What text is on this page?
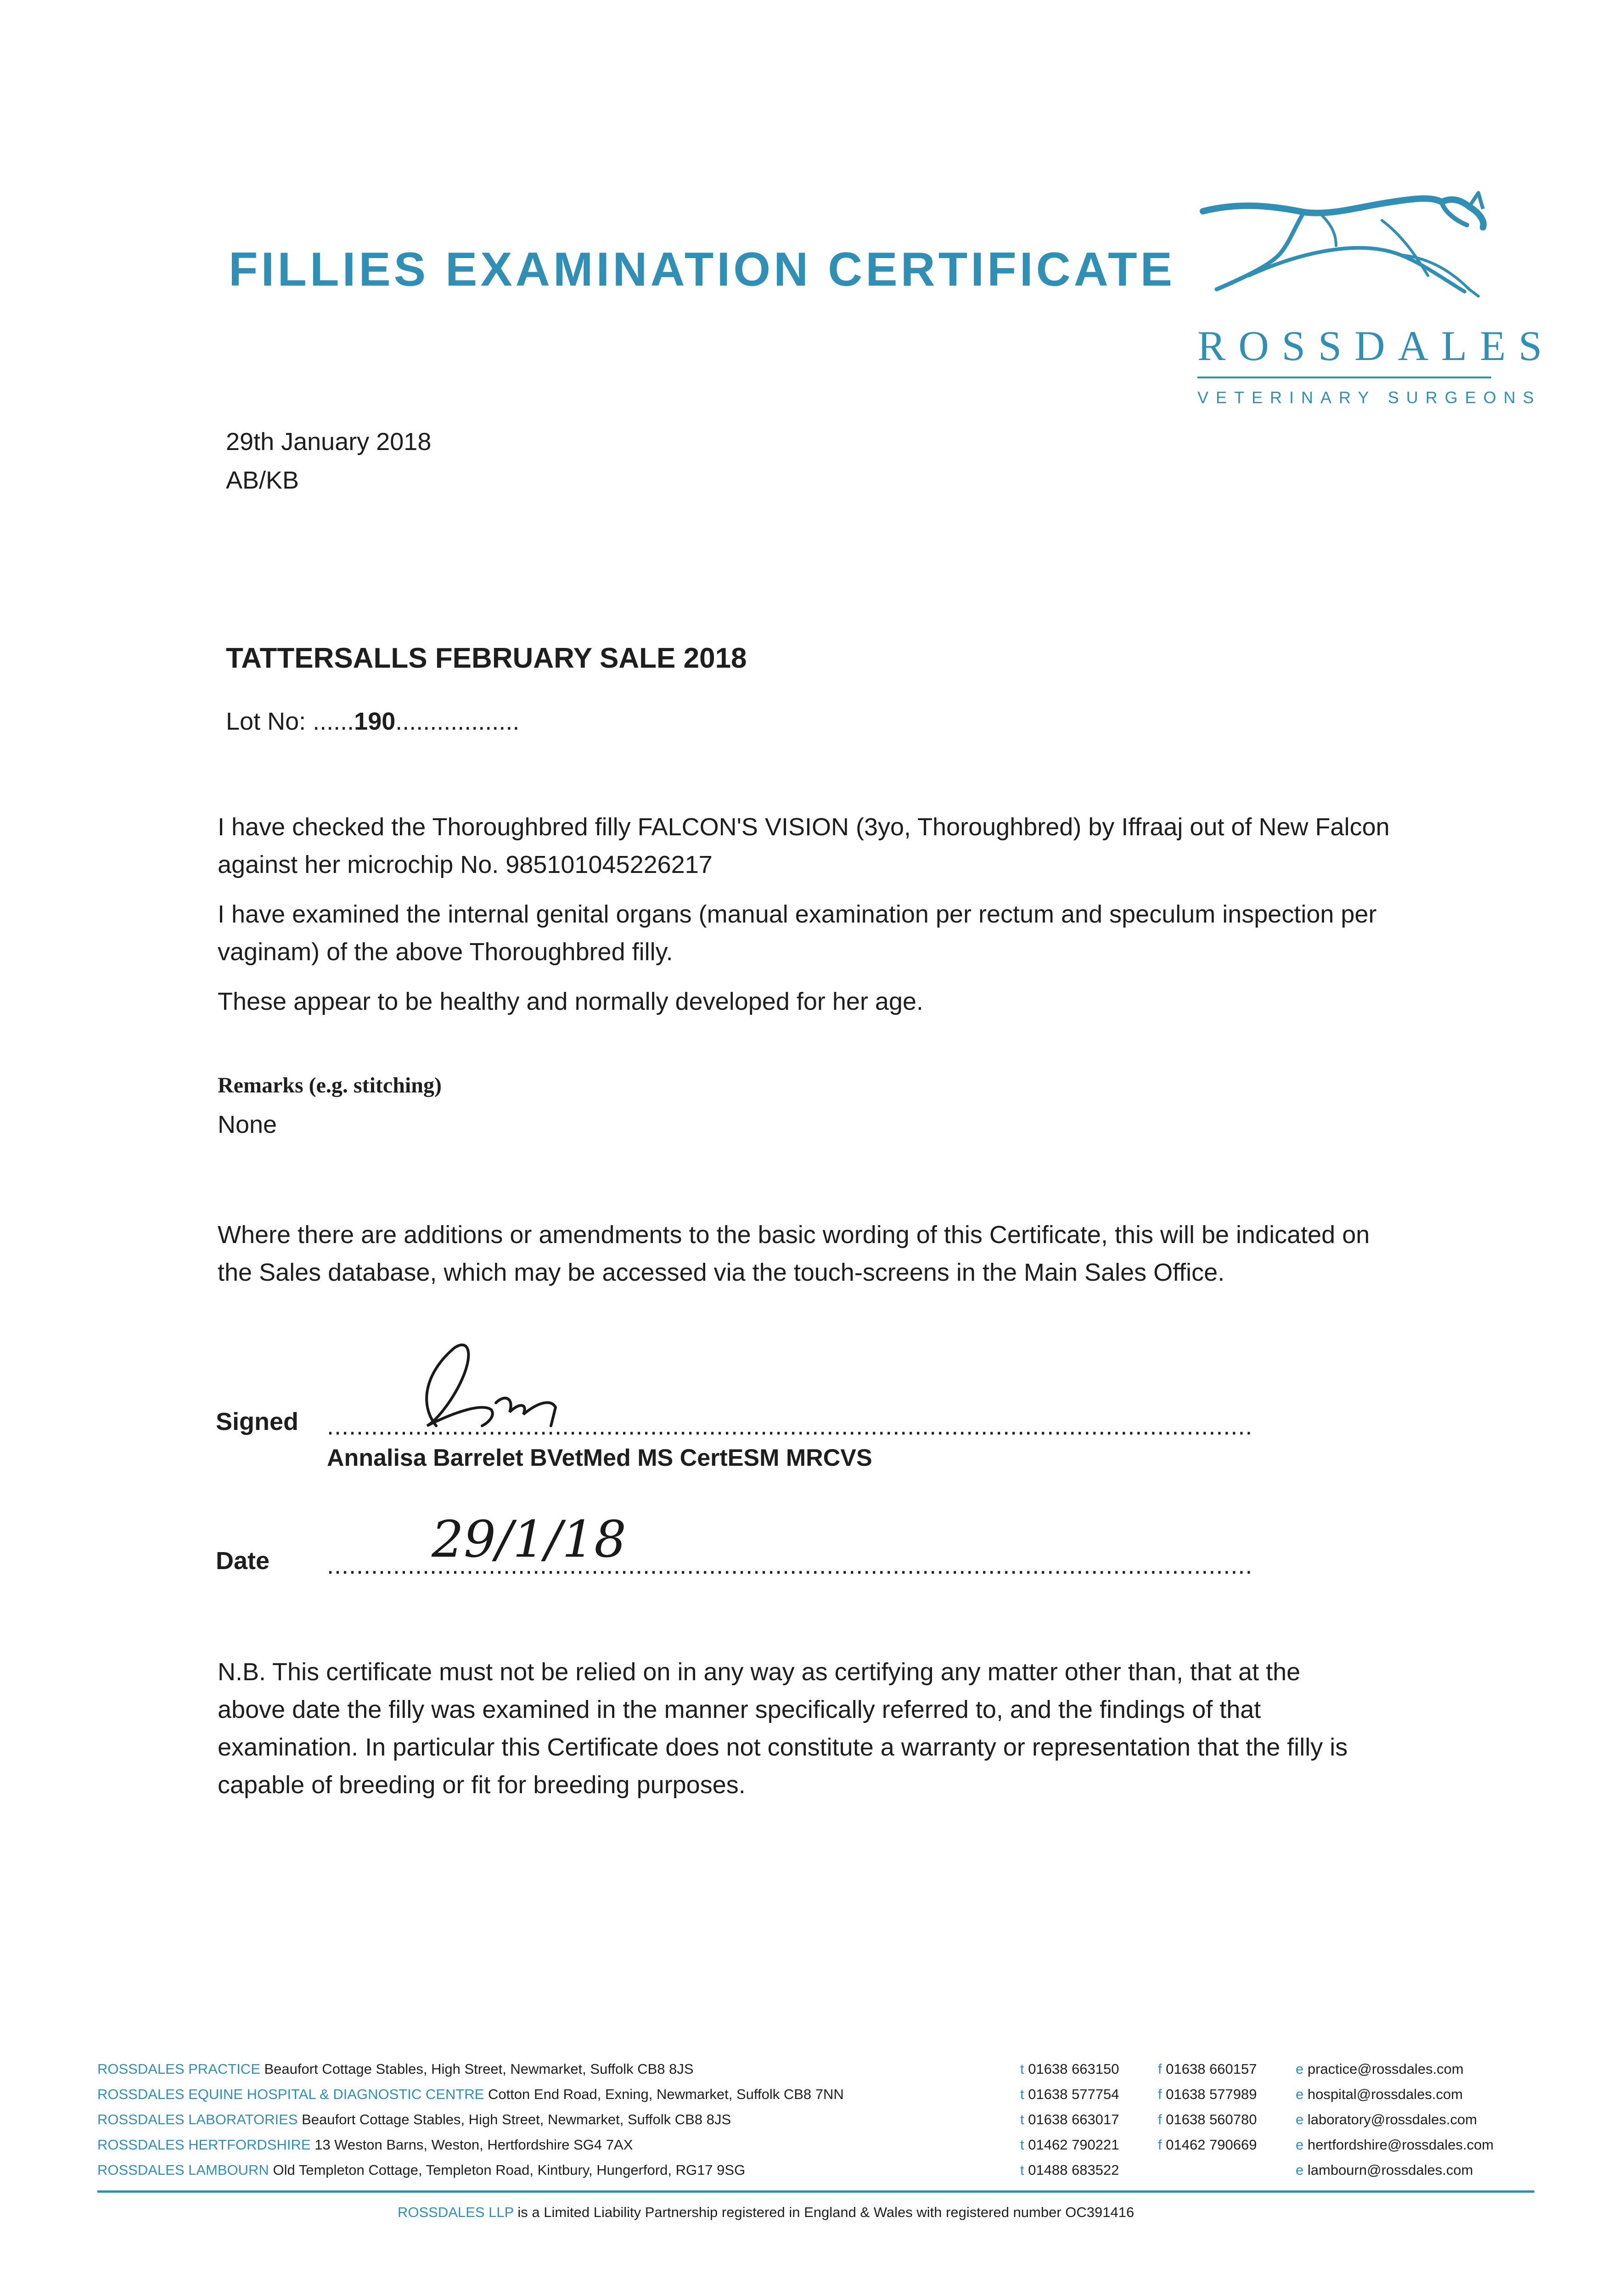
FILLIES EXAMINATION CERTIFICATE
ROSSDALES
VETERINARY SURGEONS
29th January 2018
AB/KB
TATTERSALLS FEBRUARY SALE 2018
Lot No: ......190..................
I have checked the Thoroughbred filly FALCON'S VISION (3yo, Thoroughbred) by Iffraaj out of New Falcon against her microchip No. 985101045226217
I have examined the internal genital organs (manual examination per rectum and speculum inspection per vaginam) of the above Thoroughbred filly.
These appear to be healthy and normally developed for her age.
Remarks (e.g. stitching)
None
Where there are additions or amendments to the basic wording of this Certificate, this will be indicated on the Sales database, which may be accessed via the touch-screens in the Main Sales Office.
Signed ..............................................................................................................................
Annalisa Barrelet BVetMed MS CertESM MRCVS
Date ..............................................................................................................................
29/1/18
N.B. This certificate must not be relied on in any way as certifying any matter other than, that at the above date the filly was examined in the manner specifically referred to, and the findings of that examination. In particular this Certificate does not constitute a warranty or representation that the filly is capable of breeding or fit for breeding purposes.
ROSSDALES PRACTICE Beaufort Cottage Stables, High Street, Newmarket, Suffolk CB8 8JS	t 01638 663150	f 01638 660157	e practice@rossdales.com
ROSSDALES EQUINE HOSPITAL & DIAGNOSTIC CENTRE Cotton End Road, Exning, Newmarket, Suffolk CB8 7NN	t 01638 577754	f 01638 577989	e hospital@rossdales.com
ROSSDALES LABORATORIES Beaufort Cottage Stables, High Street, Newmarket, Suffolk CB8 8JS	t 01638 663017	f 01638 560780	e laboratory@rossdales.com
ROSSDALES HERTFORDSHIRE 13 Weston Barns, Weston, Hertfordshire SG4 7AX	t 01462 790221	f 01462 790669	e hertfordshire@rossdales.com
ROSSDALES LAMBOURN Old Templeton Cottage, Templeton Road, Kintbury, Hungerford, RG17 9SG	t 01488 683522	e lambourn@rossdales.com
ROSSDALES LLP is a Limited Liability Partnership registered in England & Wales with registered number OC391416
